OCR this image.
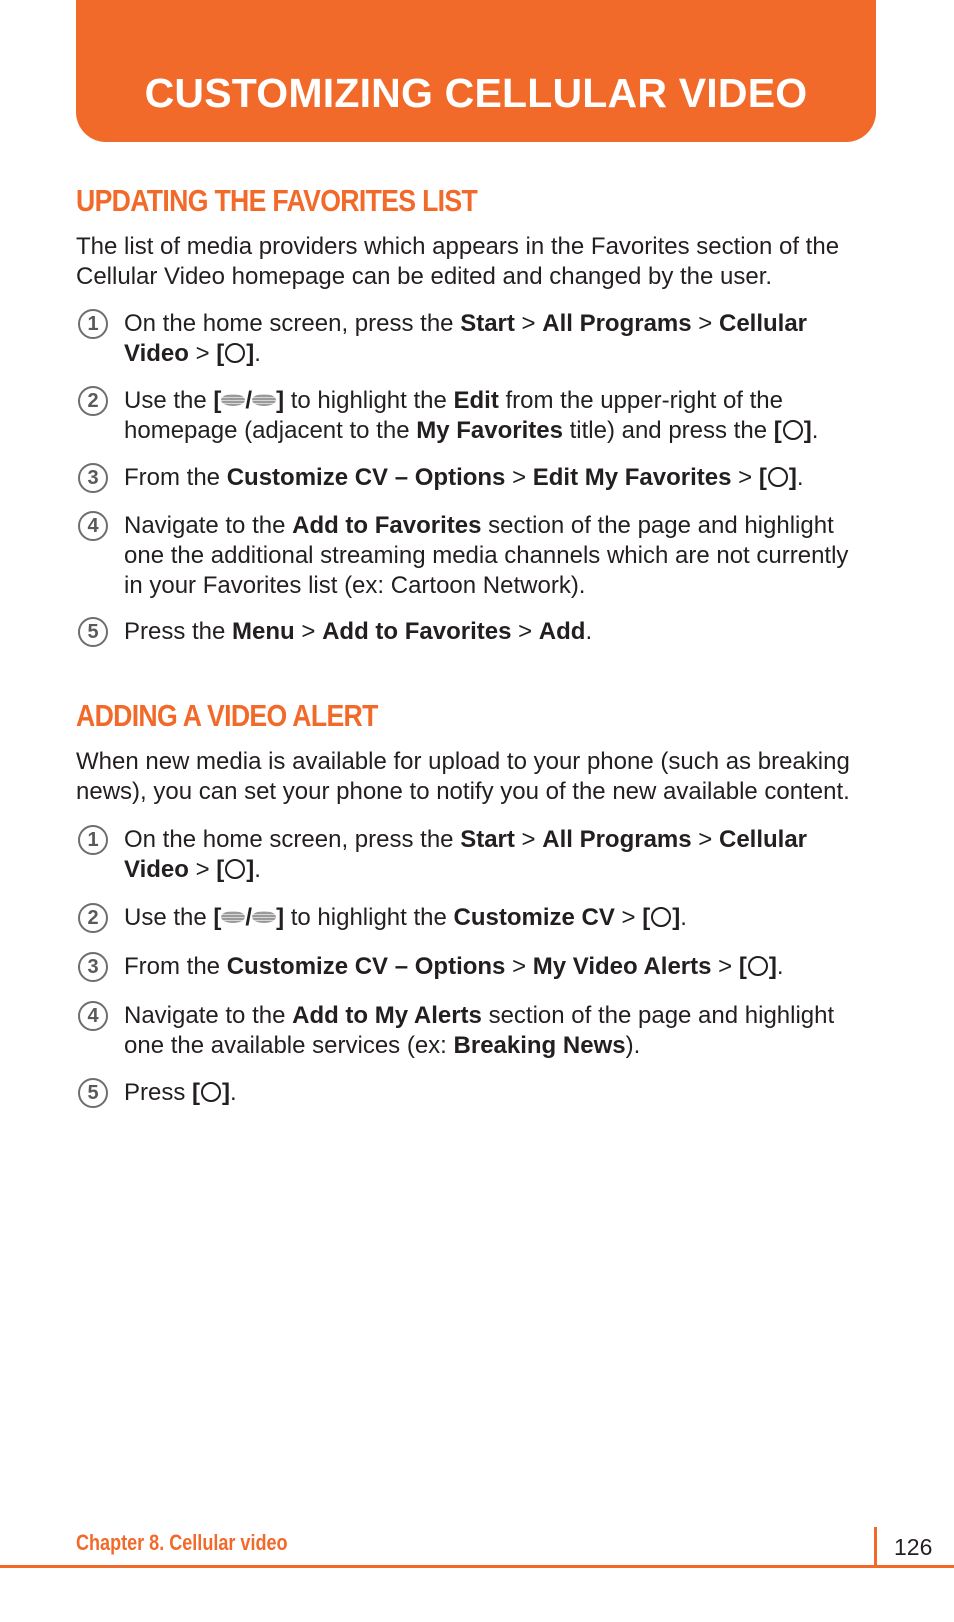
CUSTOMIZING CELLULAR VIDEO
UPDATING THE FAVORITES LIST

The list of media providers which appears in the Favorites section of the
Cellular Video homepage can be edited and changed by the user.

1	On the home screen, press the Start > All Programs > Cellular
Video > [ ].
2	Use the [ / ] to highlight the Edit from the upper-right of the
homepage (adjacent to the My Favorites title) and press the [ ].
3	From the Customize CV – Options > Edit My Favorites > [ ].
4	Navigate to the Add to Favorites section of the page and highlight
one the additional streaming media channels which are not currently
in your Favorites list (ex: Cartoon Network).
5	Press the Menu > Add to Favorites > Add.
ADDING A VIDEO ALERT

When new media is available for upload to your phone (such as breaking
news), you can set your phone to notify you of the new available content.

1	On the home screen, press the Start > All Programs > Cellular
Video > [ ].
2	Use the [ / ] to highlight the Customize CV > [ ].
3	From the Customize CV – Options > My Video Alerts > [ ].
4	Navigate to the Add to My Alerts section of the page and highlight
one the available services (ex: Breaking News).
5	Press [ ].
Chapter 8. Cellular video	126
